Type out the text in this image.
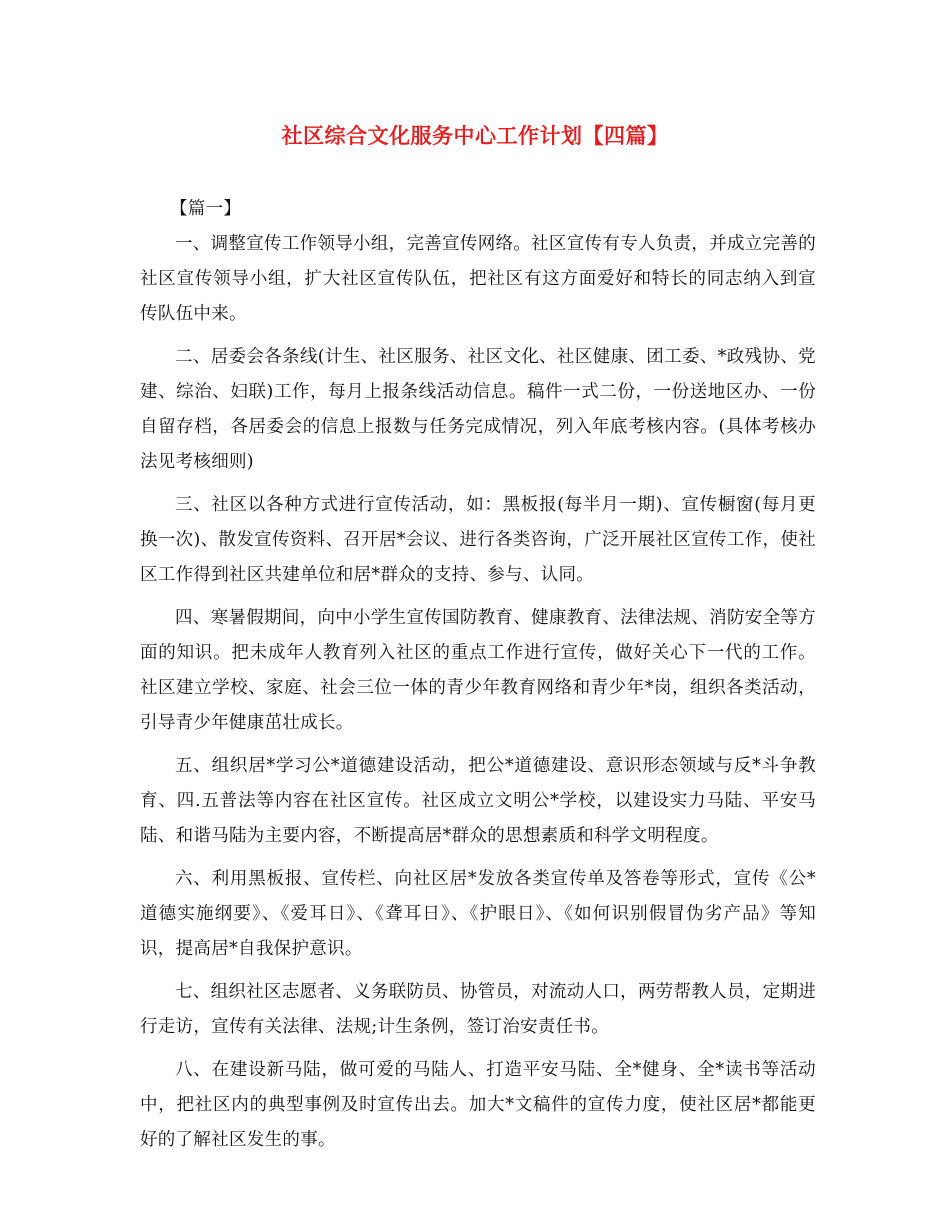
社区综合文化服务中心工作计划【四篇】

【篇一】

一、调整宣传工作领导小组，完善宣传网络。社区宣传有专人负责，并成立完善的社区宣传领导小组，扩大社区宣传队伍，把社区有这方面爱好和特长的同志纳入到宣传队伍中来。

二、居委会各条线(计生、社区服务、社区文化、社区健康、团工委、*政残协、党建、综治、妇联)工作，每月上报条线活动信息。稿件一式二份，一份送地区办、一份自留存档，各居委会的信息上报数与任务完成情况，列入年底考核内容。(具体考核办法见考核细则)

三、社区以各种方式进行宣传活动，如：黑板报(每半月一期)、宣传橱窗(每月更换一次)、散发宣传资料、召开居*会议、进行各类咨询，广泛开展社区宣传工作，使社区工作得到社区共建单位和居*群众的支持、参与、认同。

四、寒暑假期间，向中小学生宣传国防教育、健康教育、法律法规、消防安全等方面的知识。把未成年人教育列入社区的重点工作进行宣传，做好关心下一代的工作。社区建立学校、家庭、社会三位一体的青少年教育网络和青少年*岗，组织各类活动，引导青少年健康茁壮成长。

五、组织居*学习公*道德建设活动，把公*道德建设、意识形态领域与反*斗争教育、四.五普法等内容在社区宣传。社区成立文明公*学校，以建设实力马陆、平安马陆、和谐马陆为主要内容，不断提高居*群众的思想素质和科学文明程度。

六、利用黑板报、宣传栏、向社区居*发放各类宣传单及答卷等形式，宣传《公*道德实施纲要》、《爱耳日》、《聋耳日》、《护眼日》、《如何识别假冒伪劣产品》等知识，提高居*自我保护意识。

七、组织社区志愿者、义务联防员、协管员，对流动人口，两劳帮教人员，定期进行走访，宣传有关法律、法规;计生条例，签订治安责任书。

八、在建设新马陆，做可爱的马陆人、打造平安马陆、全*健身、全*读书等活动中，把社区内的典型事例及时宣传出去。加大*文稿件的宣传力度，使社区居*都能更好的了解社区发生的事。
